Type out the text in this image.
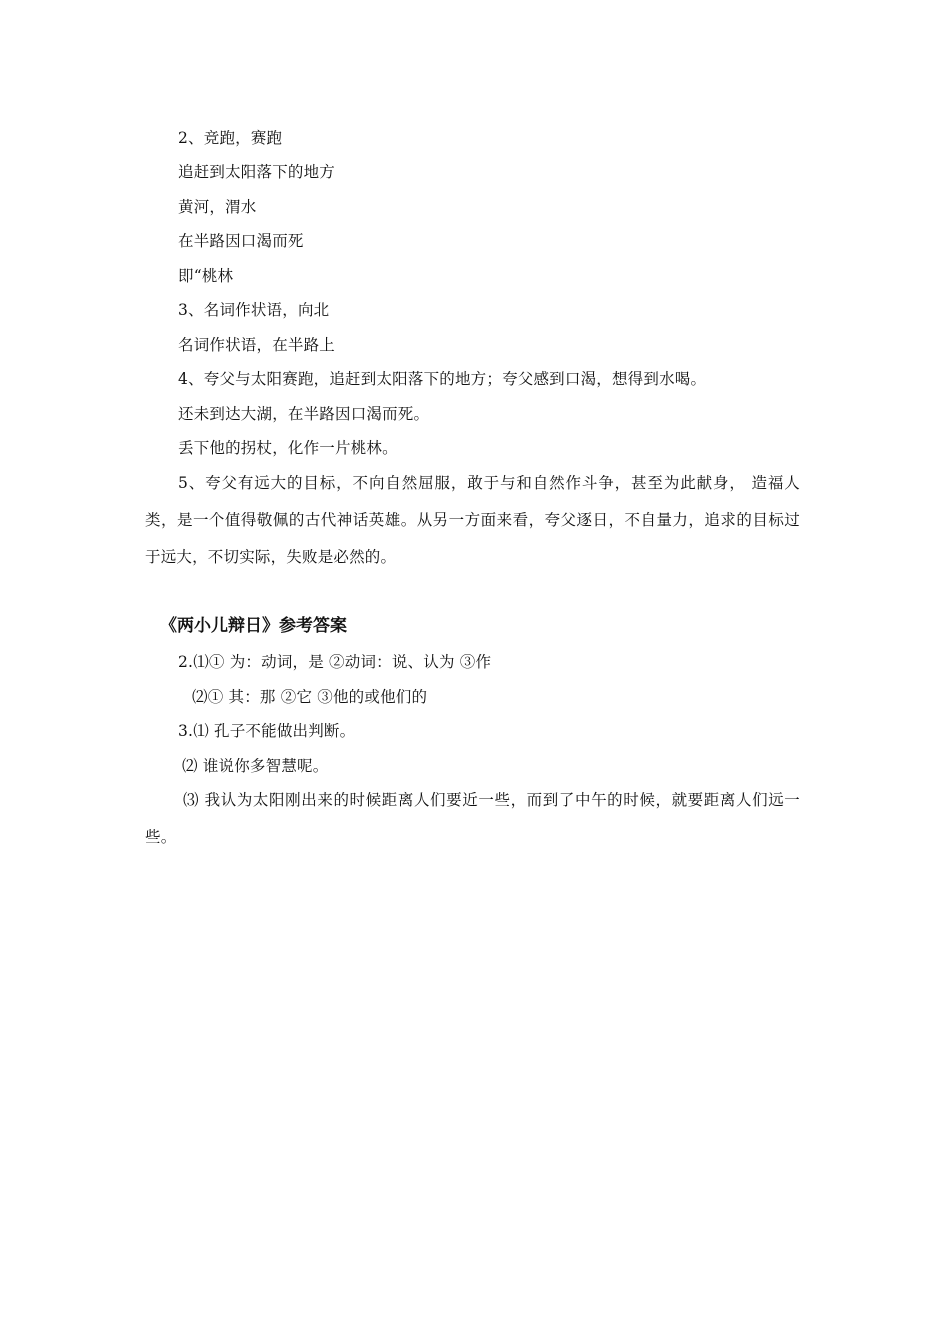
2、竞跑，赛跑
追赶到太阳落下的地方
黄河，渭水
在半路因口渴而死
即“桃林
3、名词作状语，向北
名词作状语，在半路上
4、夸父与太阳赛跑，追赶到太阳落下的地方；夸父感到口渴，想得到水喝。
还未到达大湖，在半路因口渴而死。
丢下他的拐杖，化作一片桃林。
5、夸父有远大的目标，不向自然屈服，敢于与和自然作斗争，甚至为此献身， 造福人类，是一个值得敬佩的古代神话英雄。从另一方面来看，夸父逐日，不自量力，追求的目标过于远大，不切实际，失败是必然的。
《两小儿辩日》参考答案
2.⑴① 为：动词，是 ②动词：说、认为 ③作
⑵① 其：那 ②它 ③他的或他们的
3.⑴ 孔子不能做出判断。
⑵ 谁说你多智慧呢。
⑶ 我认为太阳刚出来的时候距离人们要近一些，而到了中午的时候，就要距离人们远一些。
